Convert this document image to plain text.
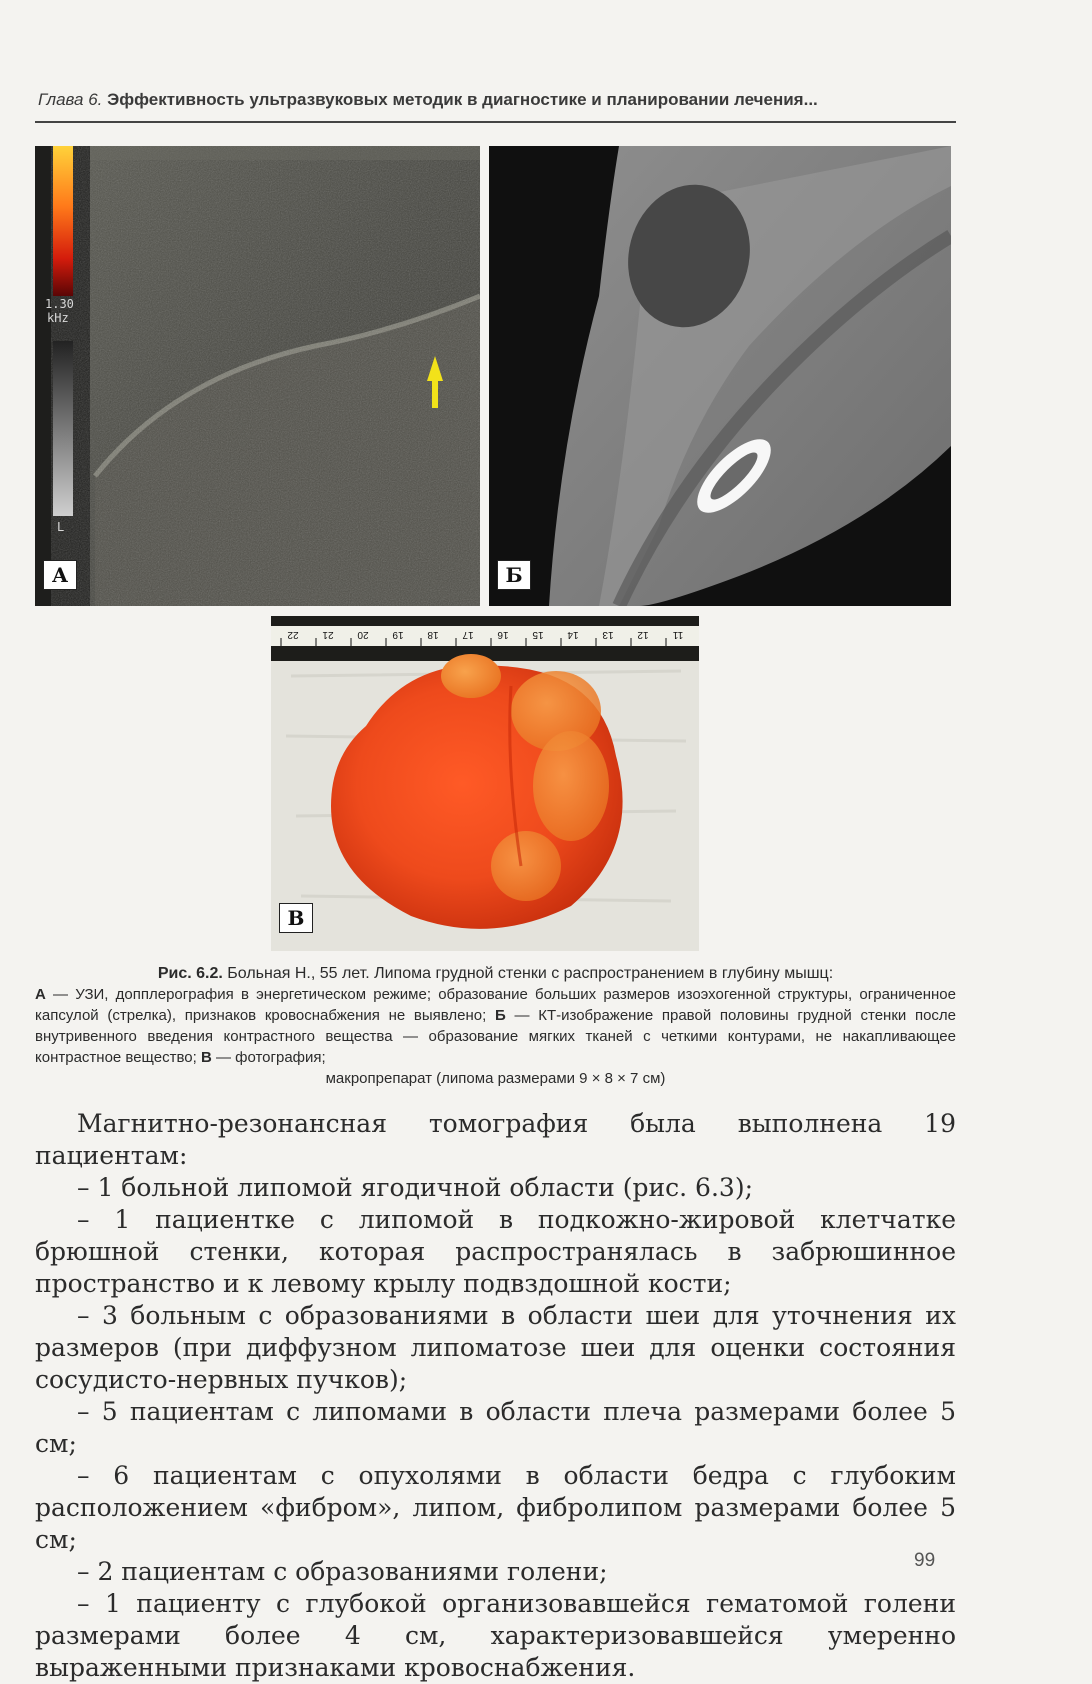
Глава 6. Эффективность ультразвуковых методик в диагностике и планировании лечения...
1.30
kHz
L
А	Б
22 21 20 19 18 17 16 15 14 13 12 11
В
Рис. 6.2. Больная Н., 55 лет. Липома грудной стенки с распространением в глубину мышц:
А — УЗИ, допплерография в энергетическом режиме; образование больших размеров изоэхогенной структуры, ограниченное капсулой (стрелка), признаков кровоснабжения не выявлено; Б — КТ-изображение правой половины грудной стенки после внутривенного введения контрастного вещества — образование мягких тканей с четкими контурами, не накапливающее контрастное вещество; В — фотография;
макропрепарат (липома размерами 9 × 8 × 7 см)

Магнитно-резонансная томография была выполнена 19 пациентам:

– 1 больной липомой ягодичной области (рис. 6.3);

– 1 пациентке с липомой в подкожно-жировой клетчатке брюшной стенки, которая распространялась в забрюшинное пространство и к левому крылу подвздошной кости;

– 3 больным с образованиями в области шеи для уточнения их размеров (при диффузном липоматозе шеи для оценки состояния сосудисто-нервных пучков);

– 5 пациентам с липомами в области плеча размерами более 5 см;

– 6 пациентам с опухолями в области бедра с глубоким расположением «фибром», липом, фибролипом размерами более 5 см;

– 2 пациентам с образованиями голени;

– 1 пациенту с глубокой организовавшейся гематомой голени размерами более 4 см, характеризовавшейся умеренно выраженными признаками кровоснабжения.

99
